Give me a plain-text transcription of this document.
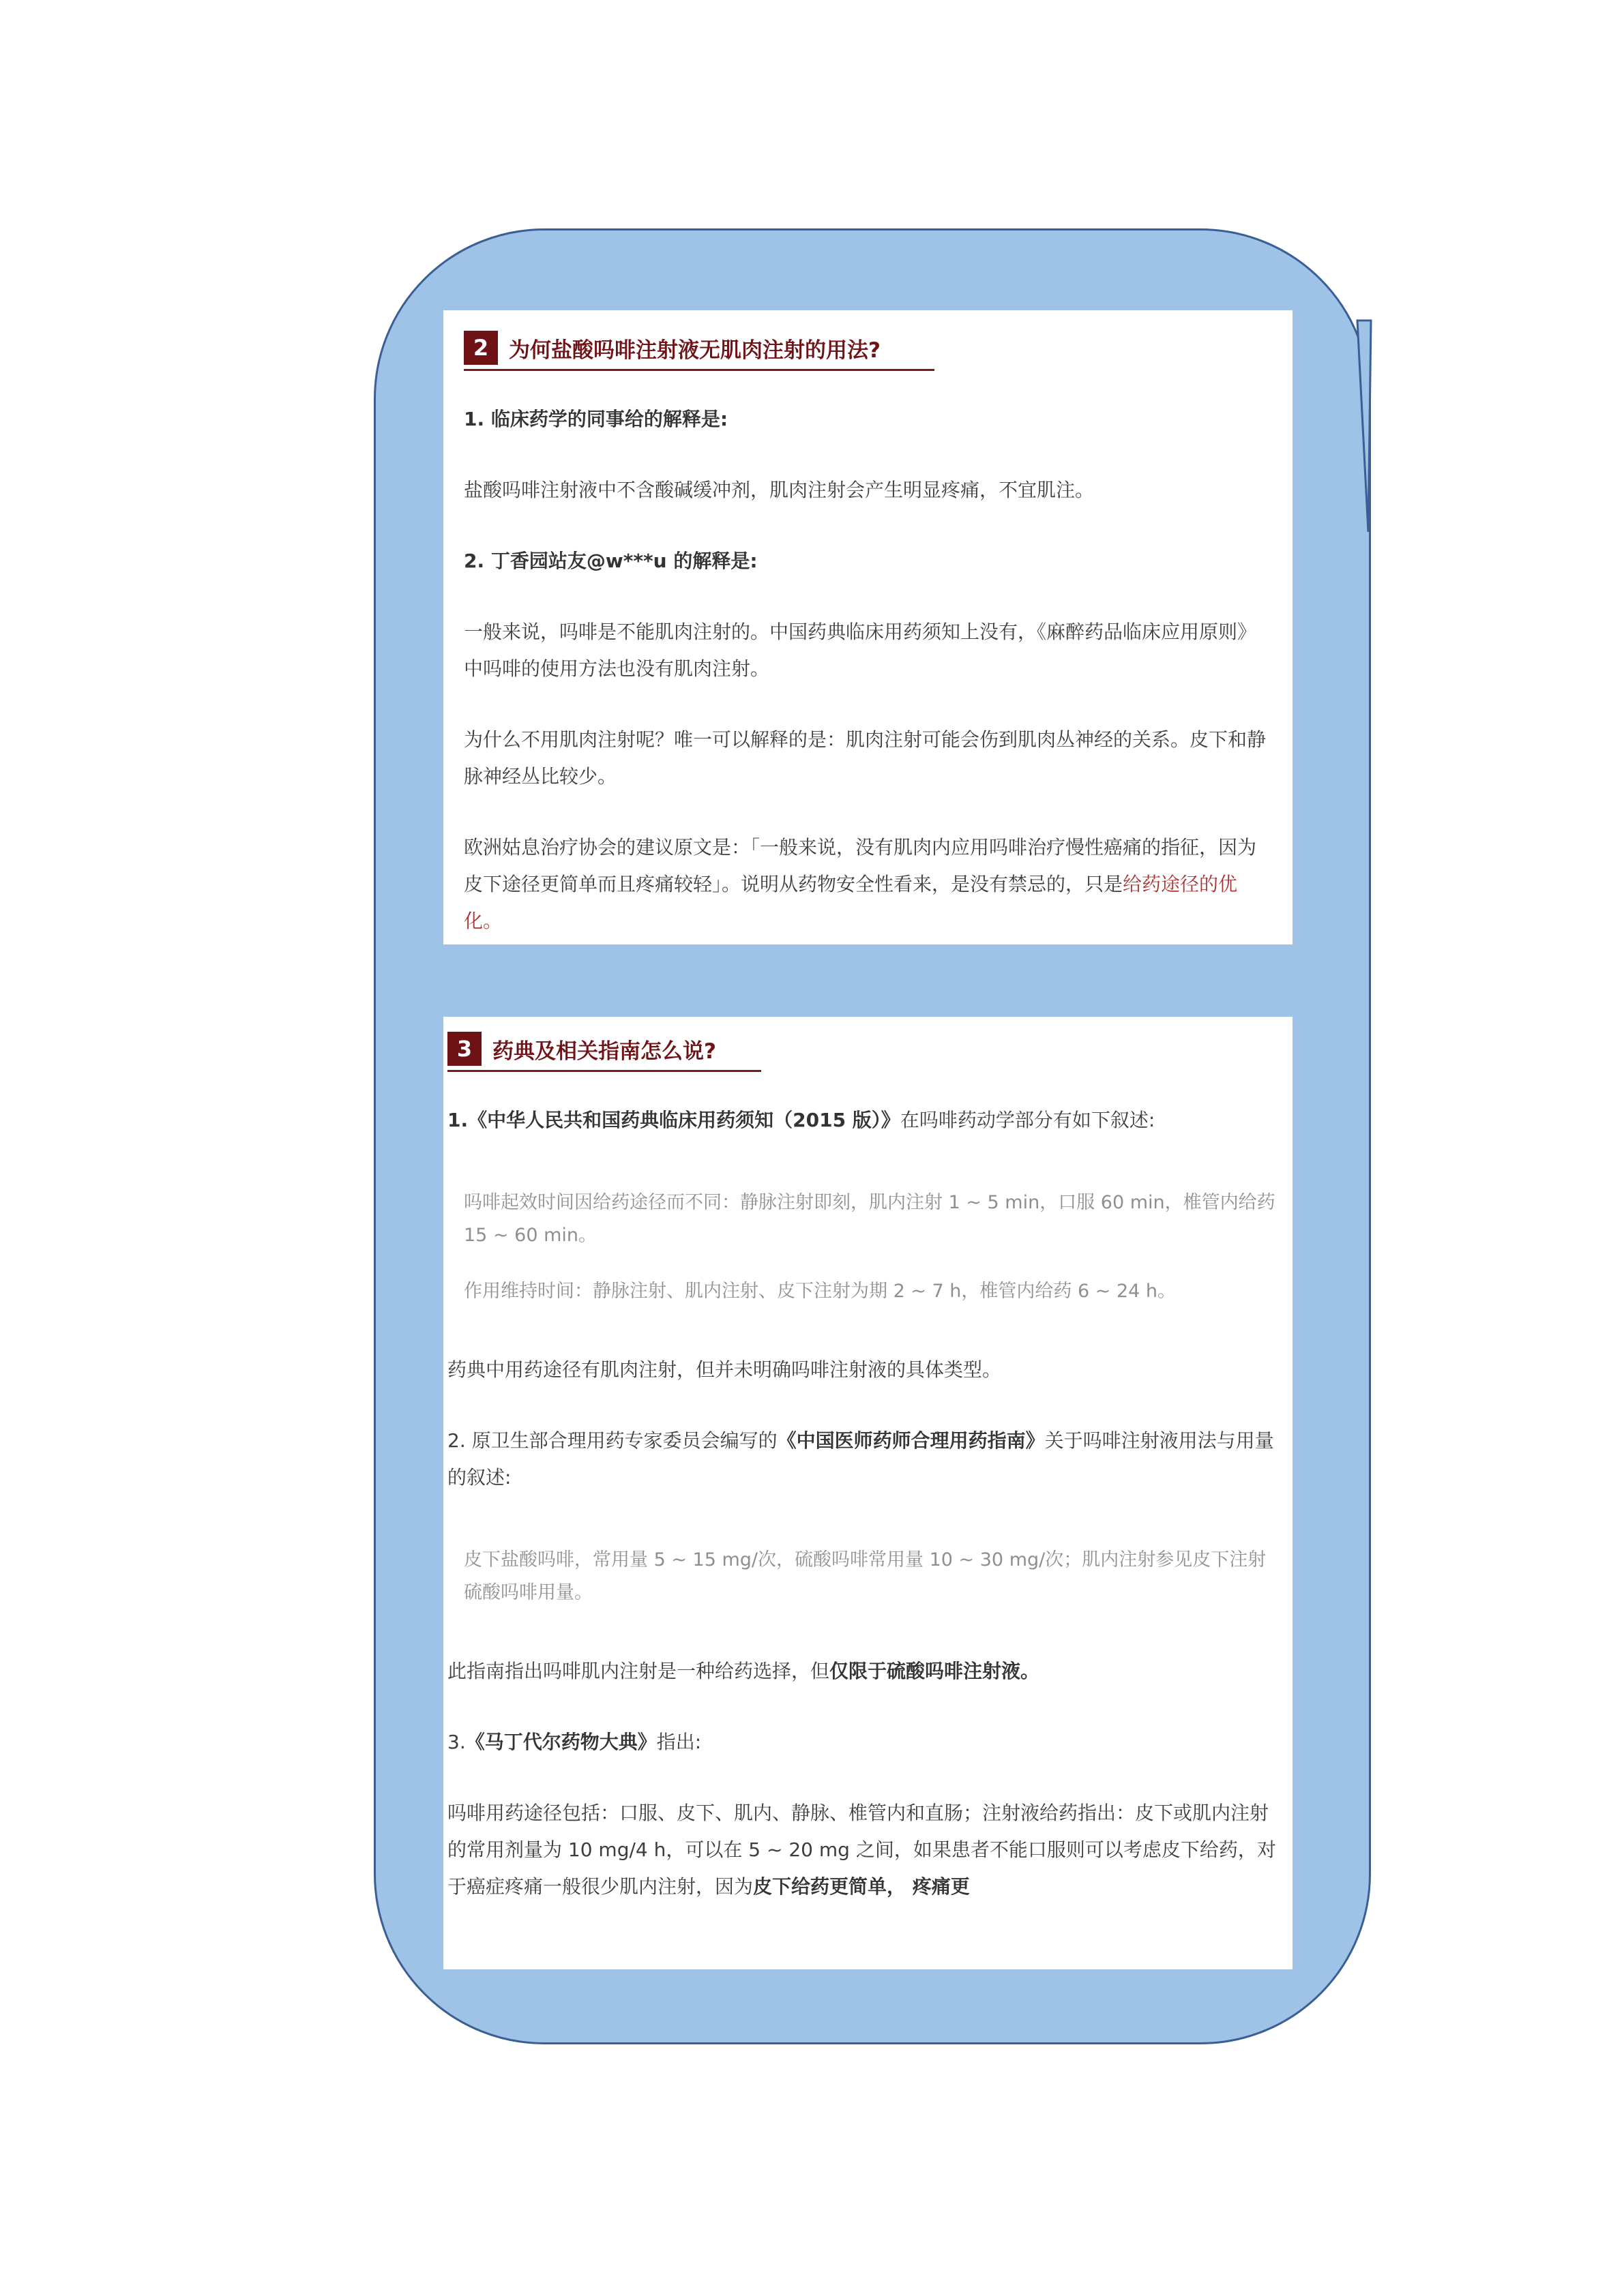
2 为何盐酸吗啡注射液无肌肉注射的用法?

1. 临床药学的同事给的解释是:

盐酸吗啡注射液中不含酸碱缓冲剂，肌肉注射会产生明显疼痛，不宜肌注。

2. 丁香园站友@w***u 的解释是:

一般来说，吗啡是不能肌肉注射的。中国药典临床用药须知上没有，《麻醉药品临床应用原则》中吗啡的使用方法也没有肌肉注射。

为什么不用肌肉注射呢？唯一可以解释的是：肌肉注射可能会伤到肌肉丛神经的关系。皮下和静脉神经丛比较少。

欧洲姑息治疗协会的建议原文是：「一般来说，没有肌肉内应用吗啡治疗慢性癌痛的指征，因为皮下途径更简单而且疼痛较轻」。说明从药物安全性看来，是没有禁忌的，只是给药途径的优化。

3 药典及相关指南怎么说?

1.《中华人民共和国药典临床用药须知（2015 版）》在吗啡药动学部分有如下叙述:

吗啡起效时间因给药途径而不同：静脉注射即刻，肌内注射 1 ~ 5 min，口服 60 min，椎管内给药 15 ~ 60 min。

作用维持时间：静脉注射、肌内注射、皮下注射为期 2 ~ 7 h，椎管内给药 6 ~ 24 h。

药典中用药途径有肌肉注射，但并未明确吗啡注射液的具体类型。

2. 原卫生部合理用药专家委员会编写的《中国医师药师合理用药指南》关于吗啡注射液用法与用量的叙述:

皮下盐酸吗啡，常用量 5 ~ 15 mg/次，硫酸吗啡常用量 10 ~ 30 mg/次；肌内注射参见皮下注射硫酸吗啡用量。

此指南指出吗啡肌内注射是一种给药选择，但仅限于硫酸吗啡注射液。

3.《马丁代尔药物大典》指出:

吗啡用药途径包括：口服、皮下、肌内、静脉、椎管内和直肠；注射液给药指出：皮下或肌内注射的常用剂量为 10 mg/4 h，可以在 5 ~ 20 mg 之间，如果患者不能口服则可以考虑皮下给药，对于癌症疼痛一般很少肌内注射，因为皮下给药更简单， 疼痛更
